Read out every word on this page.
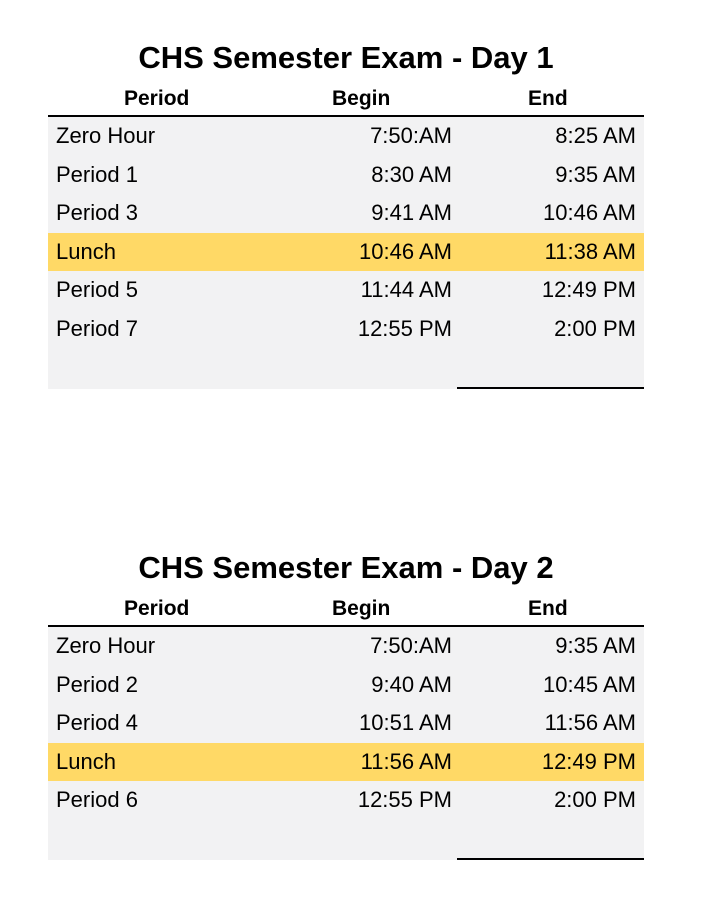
CHS Semester Exam - Day 1
Period	Begin	End
Zero Hour	7:50:AM	8:25 AM
Period 1	8:30 AM	9:35 AM
Period 3	9:41 AM	10:46 AM
Lunch	10:46 AM	11:38 AM
Period 5	11:44 AM	12:49 PM
Period 7	12:55 PM	2:00 PM
CHS Semester Exam - Day 2
Period	Begin	End
Zero Hour	7:50:AM	9:35 AM
Period 2	9:40 AM	10:45 AM
Period 4	10:51 AM	11:56 AM
Lunch	11:56 AM	12:49 PM
Period 6	12:55 PM	2:00 PM
